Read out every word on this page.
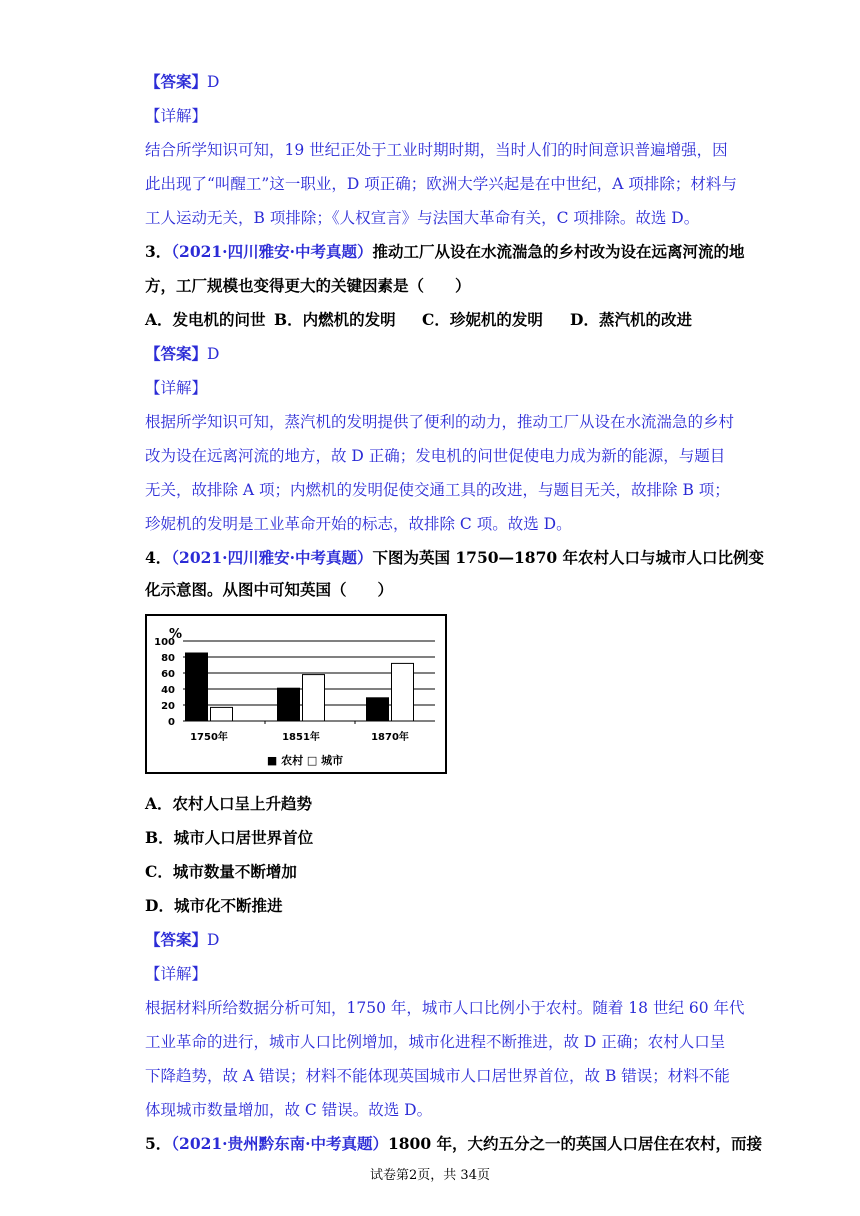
【答案】D
【详解】
结合所学知识可知，19 世纪正处于工业时期时期，当时人们的时间意识普遍增强，因
此出现了“叫醒工”这一职业，D 项正确；欧洲大学兴起是在中世纪，A 项排除；材料与
工人运动无关，B 项排除；《人权宣言》与法国大革命有关，C 项排除。故选 D。
3．（2021·四川雅安·中考真题）推动工厂从设在水流湍急的乡村改为设在远离河流的地
方，工厂规模也变得更大的关键因素是（　　）
A．发电机的问世 B．内燃机的发明 C．珍妮机的发明 D．蒸汽机的改进
【答案】D
【详解】
根据所学知识可知，蒸汽机的发明提供了便利的动力，推动工厂从设在水流湍急的乡村
改为设在远离河流的地方，故 D 正确；发电机的问世促使电力成为新的能源，与题目
无关，故排除 A 项；内燃机的发明促使交通工具的改进，与题目无关，故排除 B 项；
珍妮机的发明是工业革命开始的标志，故排除 C 项。故选 D。
4．（2021·四川雅安·中考真题）下图为英国 1750—1870 年农村人口与城市人口比例变
化示意图。从图中可知英国（　　）
%
0
20
40
60
80
100
1750年	1851年	1870年
■ 农村 □ 城市
A．农村人口呈上升趋势
B．城市人口居世界首位
C．城市数量不断增加
D．城市化不断推进
【答案】D
【详解】
根据材料所给数据分析可知，1750 年，城市人口比例小于农村。随着 18 世纪 60 年代
工业革命的进行，城市人口比例增加，城市化进程不断推进，故 D 正确；农村人口呈
下降趋势，故 A 错误；材料不能体现英国城市人口居世界首位，故 B 错误；材料不能
体现城市数量增加，故 C 错误。故选 D。
5．（2021·贵州黔东南·中考真题）1800 年，大约五分之一的英国人口居住在农村，而接
试卷第2页，共 34页
